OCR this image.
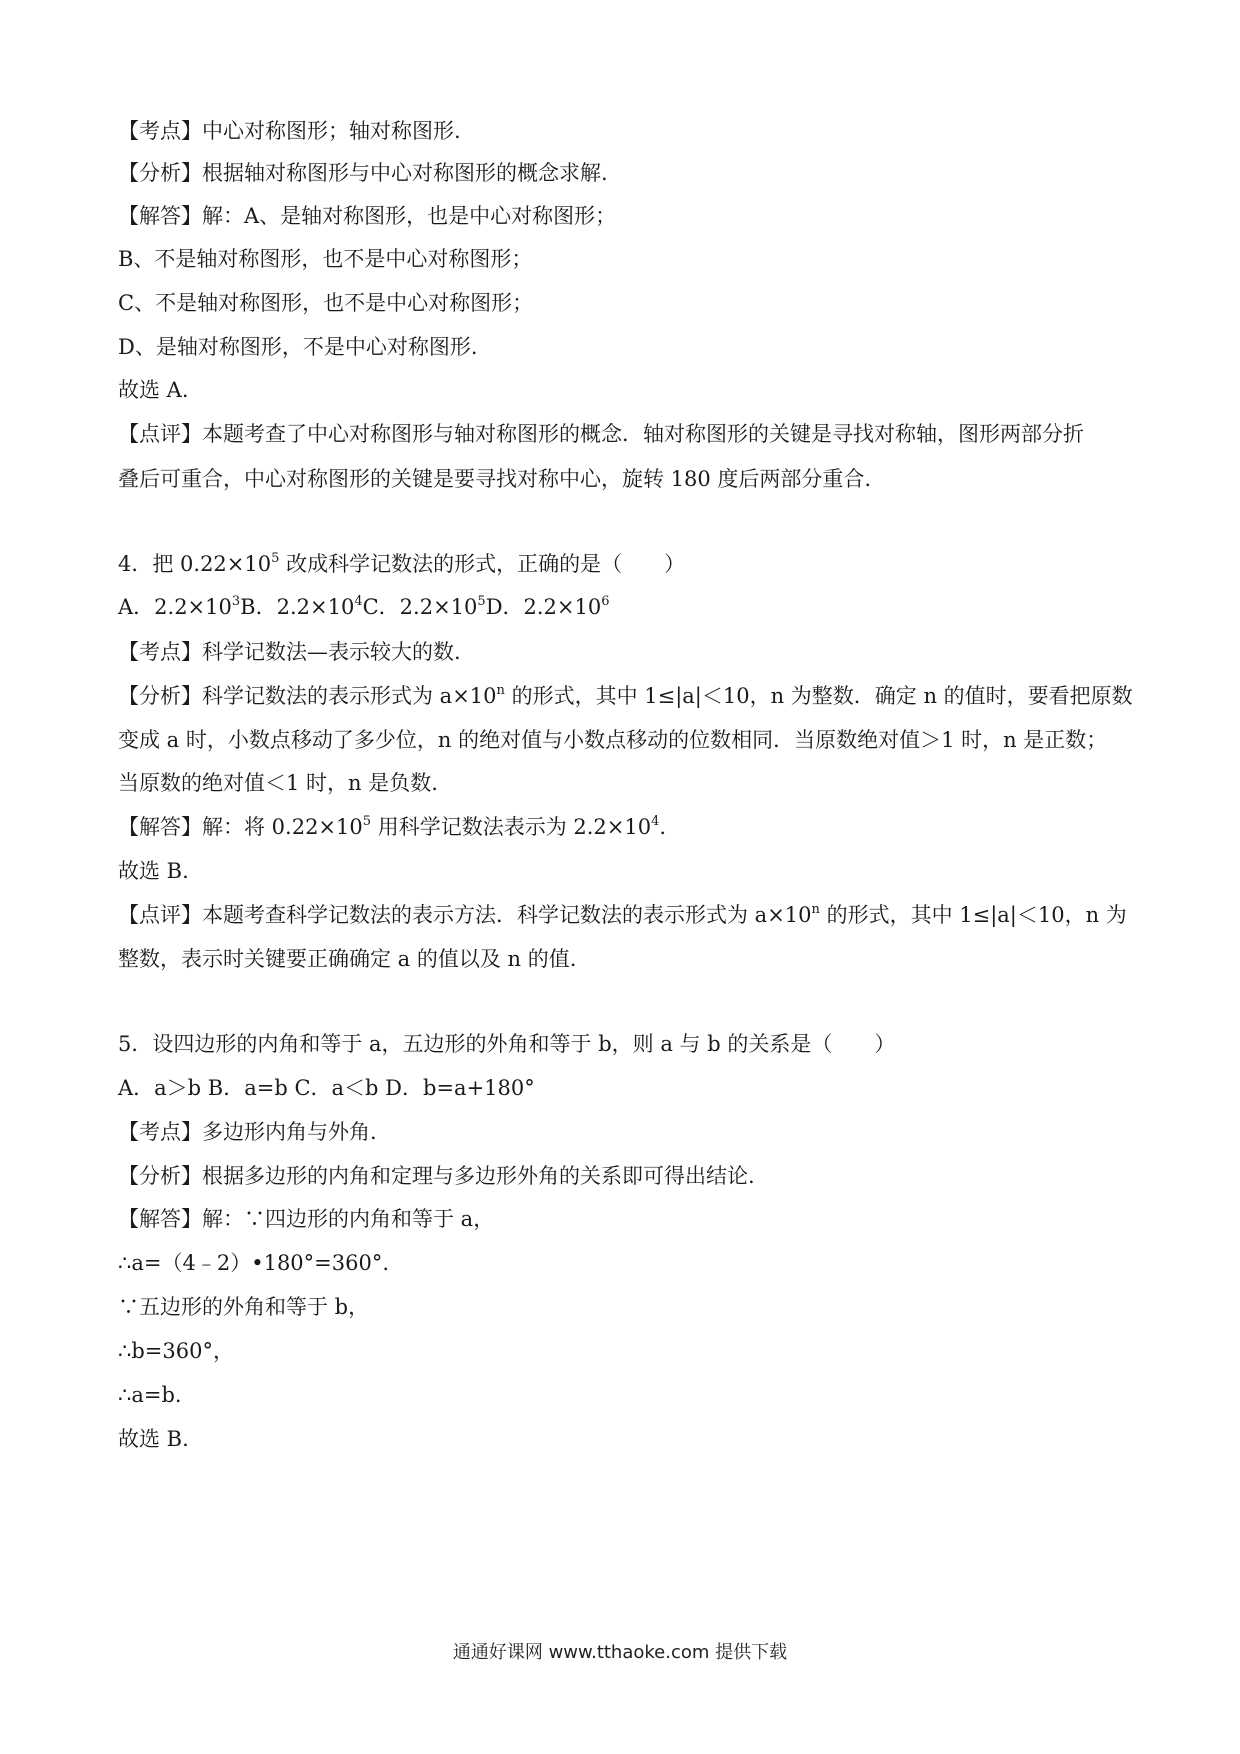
【考点】中心对称图形；轴对称图形.
【分析】根据轴对称图形与中心对称图形的概念求解.
【解答】解：A、是轴对称图形，也是中心对称图形；
B、不是轴对称图形，也不是中心对称图形；
C、不是轴对称图形，也不是中心对称图形；
D、是轴对称图形，不是中心对称图形.
故选 A.
【点评】本题考查了中心对称图形与轴对称图形的概念．轴对称图形的关键是寻找对称轴，图形两部分折
叠后可重合，中心对称图形的关键是要寻找对称中心，旋转 180 度后两部分重合.
4．把 $0.22\times 10^5$ 改成科学记数法的形式，正确的是（　　）
A．$2.2\times 10^3B$．$2.2\times 10^4C$．$2.2\times 10^5D$．$2.2\times 10^6$
【考点】科学记数法—表示较大的数.
【分析】科学记数法的表示形式为 $a\times 10^n$ 的形式，其中 1≤|a|＜10，n 为整数．确定 n 的值时，要看把原数
变成 a 时，小数点移动了多少位，n 的绝对值与小数点移动的位数相同．当原数绝对值＞1 时，n 是正数；
当原数的绝对值＜1 时，n 是负数.
【解答】解：将 $0.22\times 10^5$ 用科学记数法表示为 $2.2\times 10^4$.
故选 B.
【点评】本题考查科学记数法的表示方法．科学记数法的表示形式为 $a\times 10^n$ 的形式，其中 1≤|a|＜10，n 为
整数，表示时关键要正确确定 a 的值以及 n 的值.
5．设四边形的内角和等于 a，五边形的外角和等于 b，则 a 与 b 的关系是（　　）
A．a＞b B．a=b C．a＜b D．b=a+180°
【考点】多边形内角与外角.
【分析】根据多边形的内角和定理与多边形外角的关系即可得出结论.
【解答】解：∵四边形的内角和等于 a，
∴a=（4﹣2）•180°=360°.
∵五边形的外角和等于 b，
∴b=360°，
∴a=b.
故选 B.
通通好课网 www.tthaoke.com 提供下载
